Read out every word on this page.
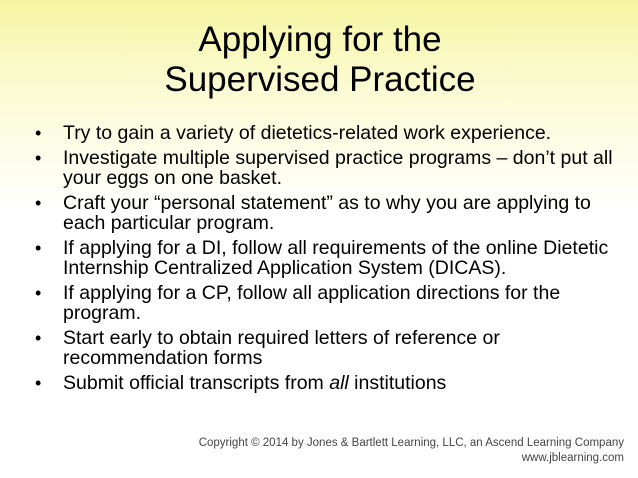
Applying for the
Supervised Practice
• Try to gain a variety of dietetics-related work experience.
• Investigate multiple supervised practice programs – don’t put all your eggs on one basket.
• Craft your “personal statement” as to why you are applying to each particular program.
• If applying for a DI, follow all requirements of the online Dietetic Internship Centralized Application System (DICAS).
• If applying for a CP, follow all application directions for the program.
• Start early to obtain required letters of reference or recommendation forms
• Submit official transcripts from all institutions
Copyright © 2014 by Jones & Bartlett Learning, LLC, an Ascend Learning Company
www.jblearning.com
